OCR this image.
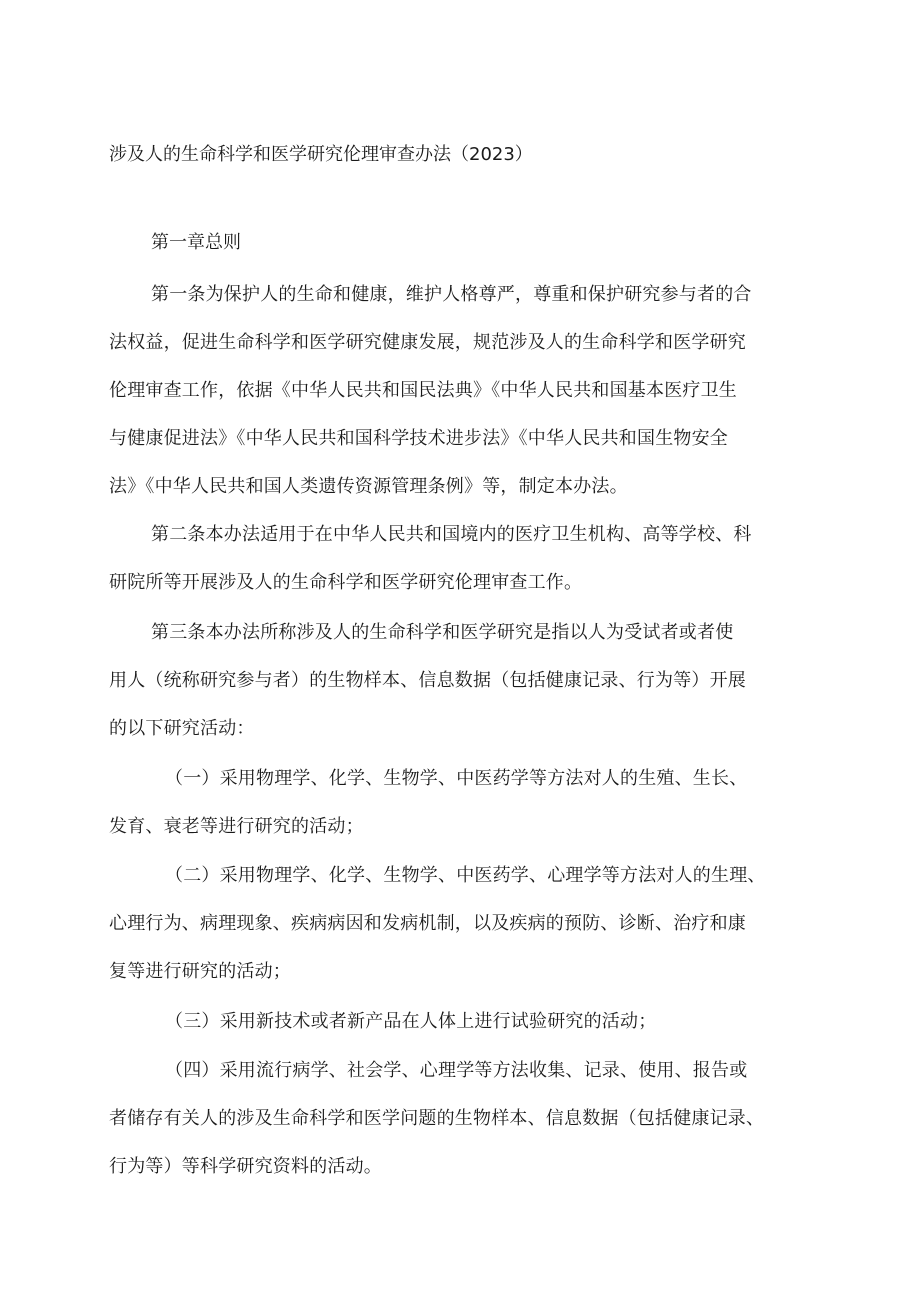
涉及人的生命科学和医学研究伦理审查办法（2023）
第一章总则
第一条为保护人的生命和健康，维护人格尊严，尊重和保护研究参与者的合
法权益，促进生命科学和医学研究健康发展，规范涉及人的生命科学和医学研究
伦理审查工作，依据《中华人民共和国民法典》《中华人民共和国基本医疗卫生
与健康促进法》《中华人民共和国科学技术进步法》《中华人民共和国生物安全
法》《中华人民共和国人类遗传资源管理条例》等，制定本办法。
第二条本办法适用于在中华人民共和国境内的医疗卫生机构、高等学校、科
研院所等开展涉及人的生命科学和医学研究伦理审查工作。
第三条本办法所称涉及人的生命科学和医学研究是指以人为受试者或者使
用人（统称研究参与者）的生物样本、信息数据（包括健康记录、行为等）开展
的以下研究活动：
（一）采用物理学、化学、生物学、中医药学等方法对人的生殖、生长、
发育、衰老等进行研究的活动；
（二）采用物理学、化学、生物学、中医药学、心理学等方法对人的生理、
心理行为、病理现象、疾病病因和发病机制，以及疾病的预防、诊断、治疗和康
复等进行研究的活动；
（三）采用新技术或者新产品在人体上进行试验研究的活动；
（四）采用流行病学、社会学、心理学等方法收集、记录、使用、报告或
者储存有关人的涉及生命科学和医学问题的生物样本、信息数据（包括健康记录、
行为等）等科学研究资料的活动。
